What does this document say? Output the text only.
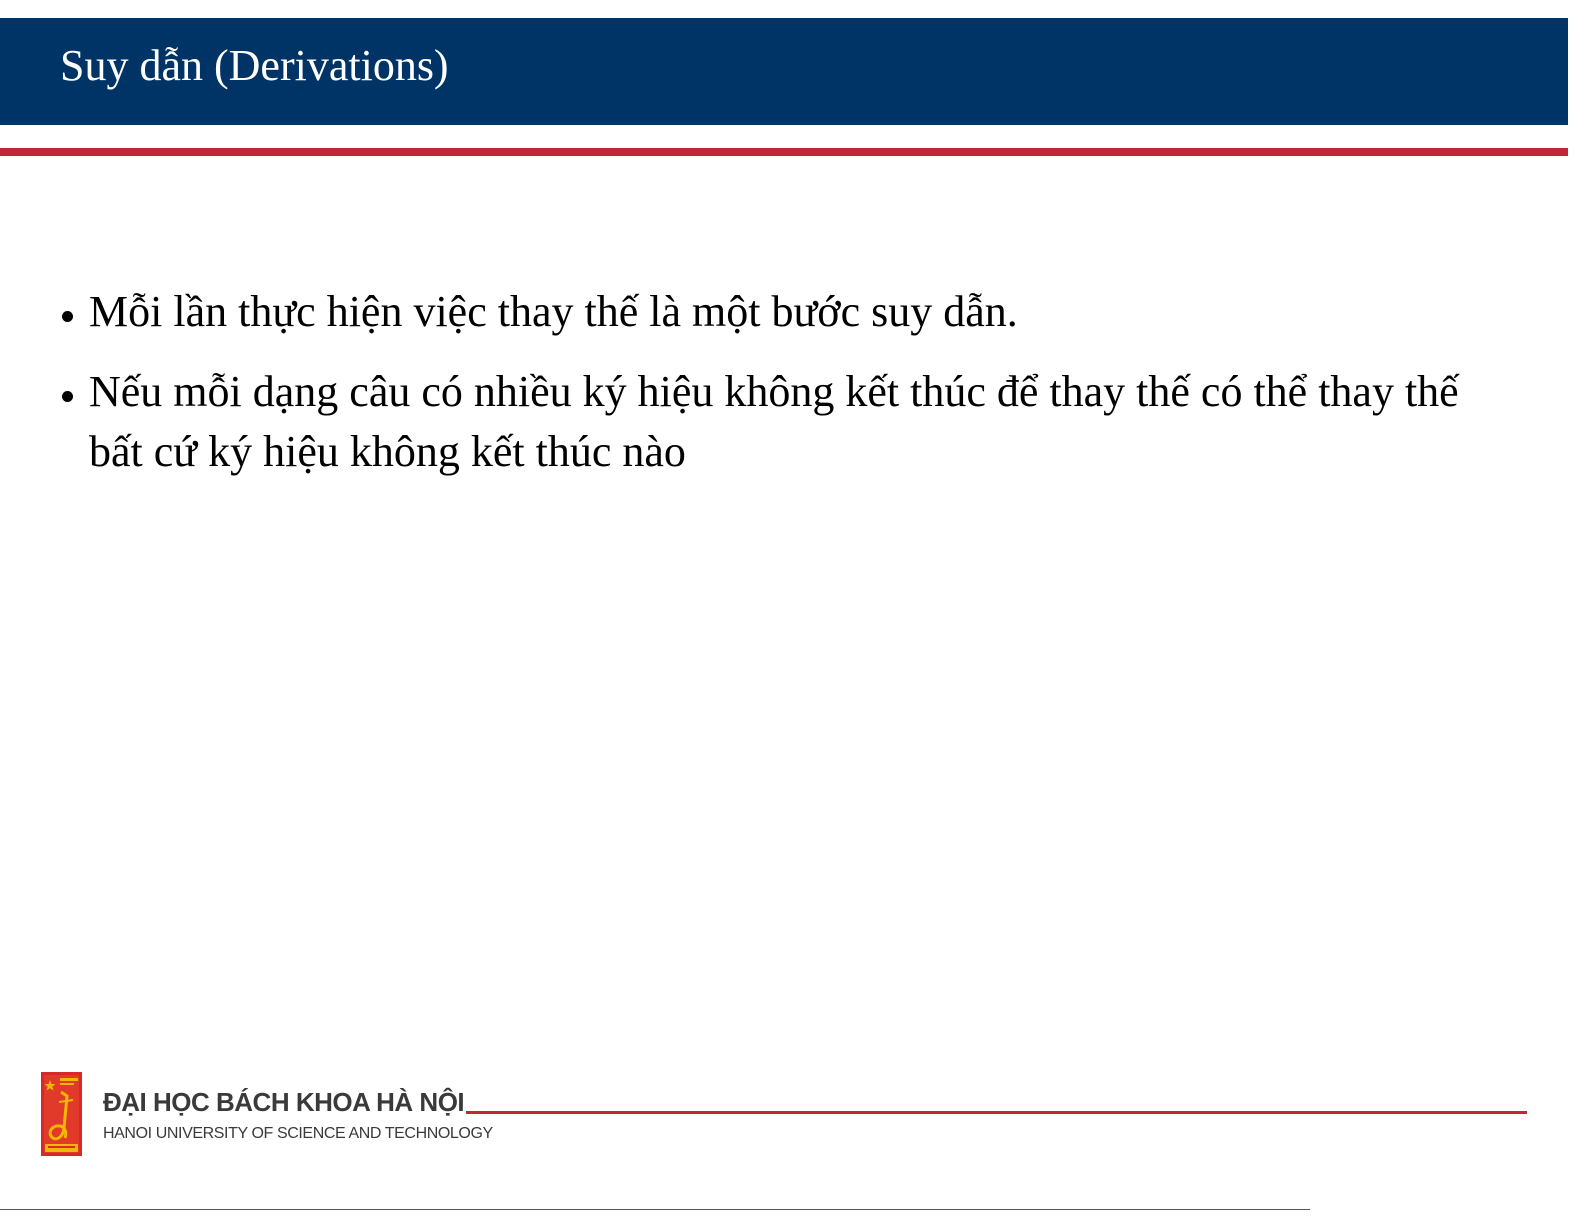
Suy dẫn (Derivations)
Mỗi lần thực hiện việc thay thế là một bước suy dẫn.
Nếu mỗi dạng câu có nhiều ký hiệu không kết thúc để thay thế có thể thay thế bất cứ ký hiệu không kết thúc nào
ĐẠI HỌC BÁCH KHOA HÀ NỘI
HANOI UNIVERSITY OF SCIENCE AND TECHNOLOGY
